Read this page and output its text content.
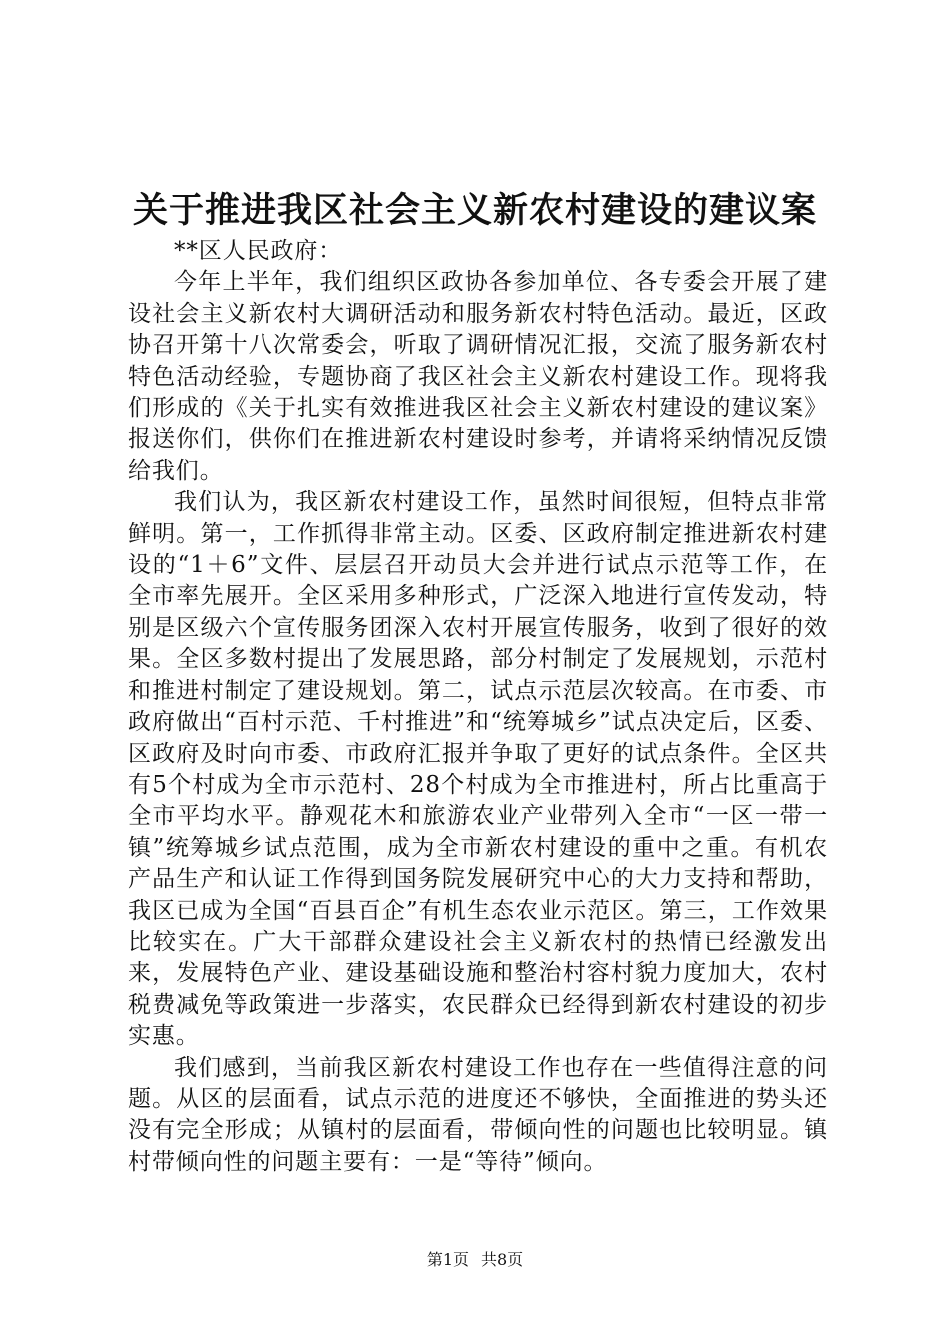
关于推进我区社会主义新农村建设的建议案

**区人民政府：

今年上半年，我们组织区政协各参加单位、各专委会开展了建设社会主义新农村大调研活动和服务新农村特色活动。最近，区政协召开第十八次常委会，听取了调研情况汇报，交流了服务新农村特色活动经验，专题协商了我区社会主义新农村建设工作。现将我们形成的《关于扎实有效推进我区社会主义新农村建设的建议案》报送你们，供你们在推进新农村建设时参考，并请将采纳情况反馈给我们。

我们认为，我区新农村建设工作，虽然时间很短，但特点非常鲜明。第一，工作抓得非常主动。区委、区政府制定推进新农村建设的“1＋6”文件、层层召开动员大会并进行试点示范等工作，在全市率先展开。全区采用多种形式，广泛深入地进行宣传发动，特别是区级六个宣传服务团深入农村开展宣传服务，收到了很好的效果。全区多数村提出了发展思路，部分村制定了发展规划，示范村和推进村制定了建设规划。第二，试点示范层次较高。在市委、市政府做出“百村示范、千村推进”和“统筹城乡”试点决定后，区委、区政府及时向市委、市政府汇报并争取了更好的试点条件。全区共有5个村成为全市示范村、28个村成为全市推进村，所占比重高于全市平均水平。静观花木和旅游农业产业带列入全市“一区一带一镇”统筹城乡试点范围，成为全市新农村建设的重中之重。有机农产品生产和认证工作得到国务院发展研究中心的大力支持和帮助，我区已成为全国“百县百企”有机生态农业示范区。第三，工作效果比较实在。广大干部群众建设社会主义新农村的热情已经激发出来，发展特色产业、建设基础设施和整治村容村貌力度加大，农村税费减免等政策进一步落实，农民群众已经得到新农村建设的初步实惠。

我们感到，当前我区新农村建设工作也存在一些值得注意的问题。从区的层面看，试点示范的进度还不够快，全面推进的势头还没有完全形成；从镇村的层面看，带倾向性的问题也比较明显。镇村带倾向性的问题主要有：一是“等待”倾向。

第1页 共8页
